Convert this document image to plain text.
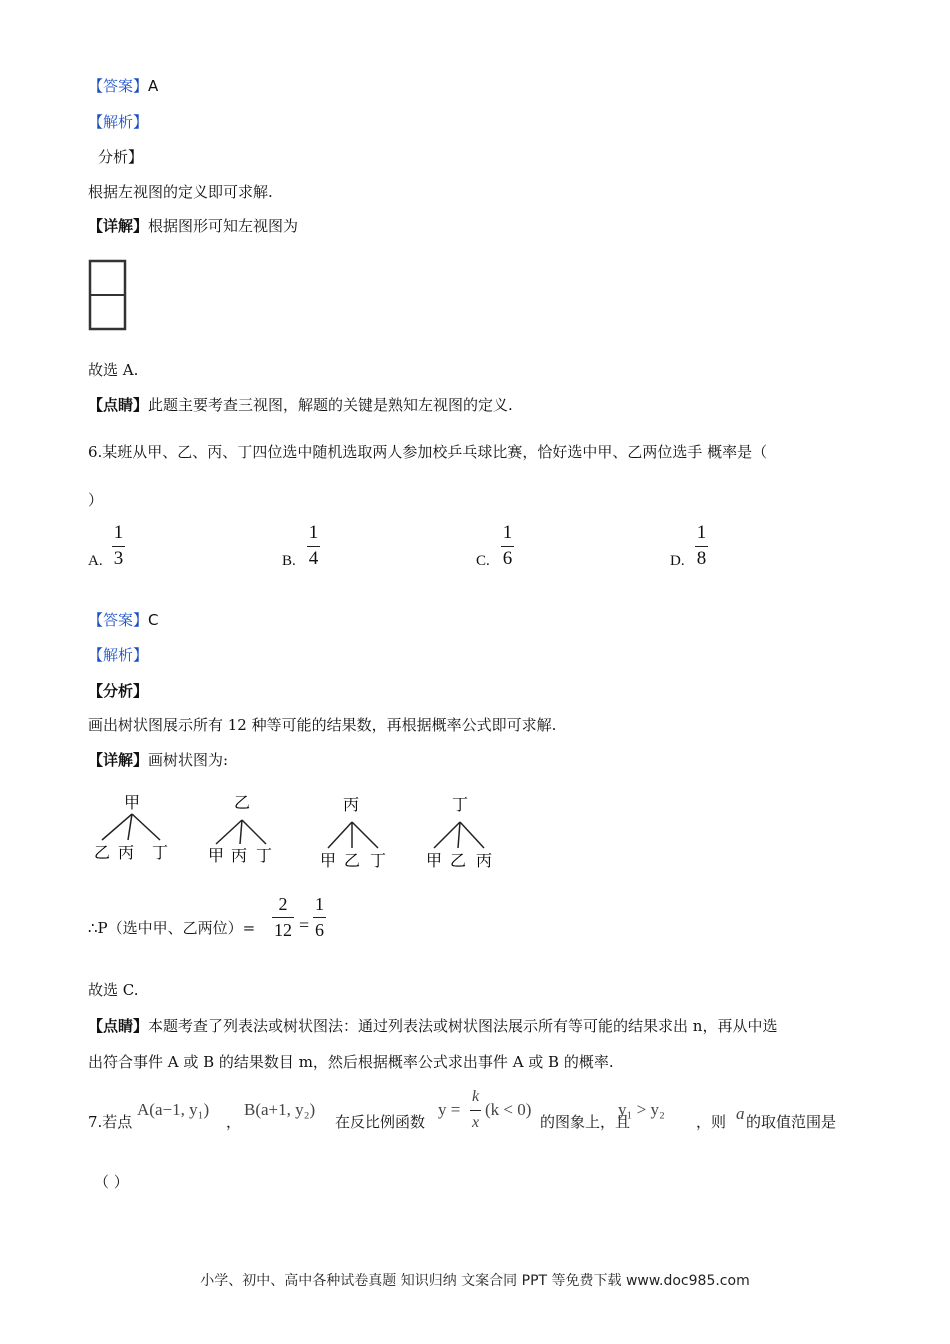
【答案】A
【解析】
分析】
根据左视图的定义即可求解.
【详解】根据图形可知左视图为
故选 A.
【点睛】此题主要考查三视图，解题的关键是熟知左视图的定义.
6.某班从甲、乙、丙、丁四位选中随机选取两人参加校乒乓球比赛，恰好选中甲、乙两位选手 概率是（
）
A.
1
3	B.
1
4	C.
1
6	D.
1
8
【答案】C
【解析】
【分析】
画出树状图展示所有 12 种等可能的结果数，再根据概率公式即可求解.
【详解】画树状图为:
甲
乙 丙 丁
乙
甲 丙 丁
丙
甲 乙 丁
丁
甲 乙 丙
∴P（选中甲、乙两位）=
2
12 =
1
6
故选 C.
【点睛】本题考查了列表法或树状图法：通过列表法或树状图法展示所有等可能的结果求出 n，再从中选
出符合事件 A 或 B 的结果数目 m，然后根据概率公式求出事件 A 或 B 的概率.
7.若点
A(a−1, y₁)
，
B(a+1, y₂)
在反比例函数
y =
k
x
(k < 0)
的图象上，且
y₁ > y₂
，则 a 的取值范围是
（ ）
小学、初中、高中各种试卷真题 知识归纳 文案合同 PPT 等免费下载 www.doc985.com
